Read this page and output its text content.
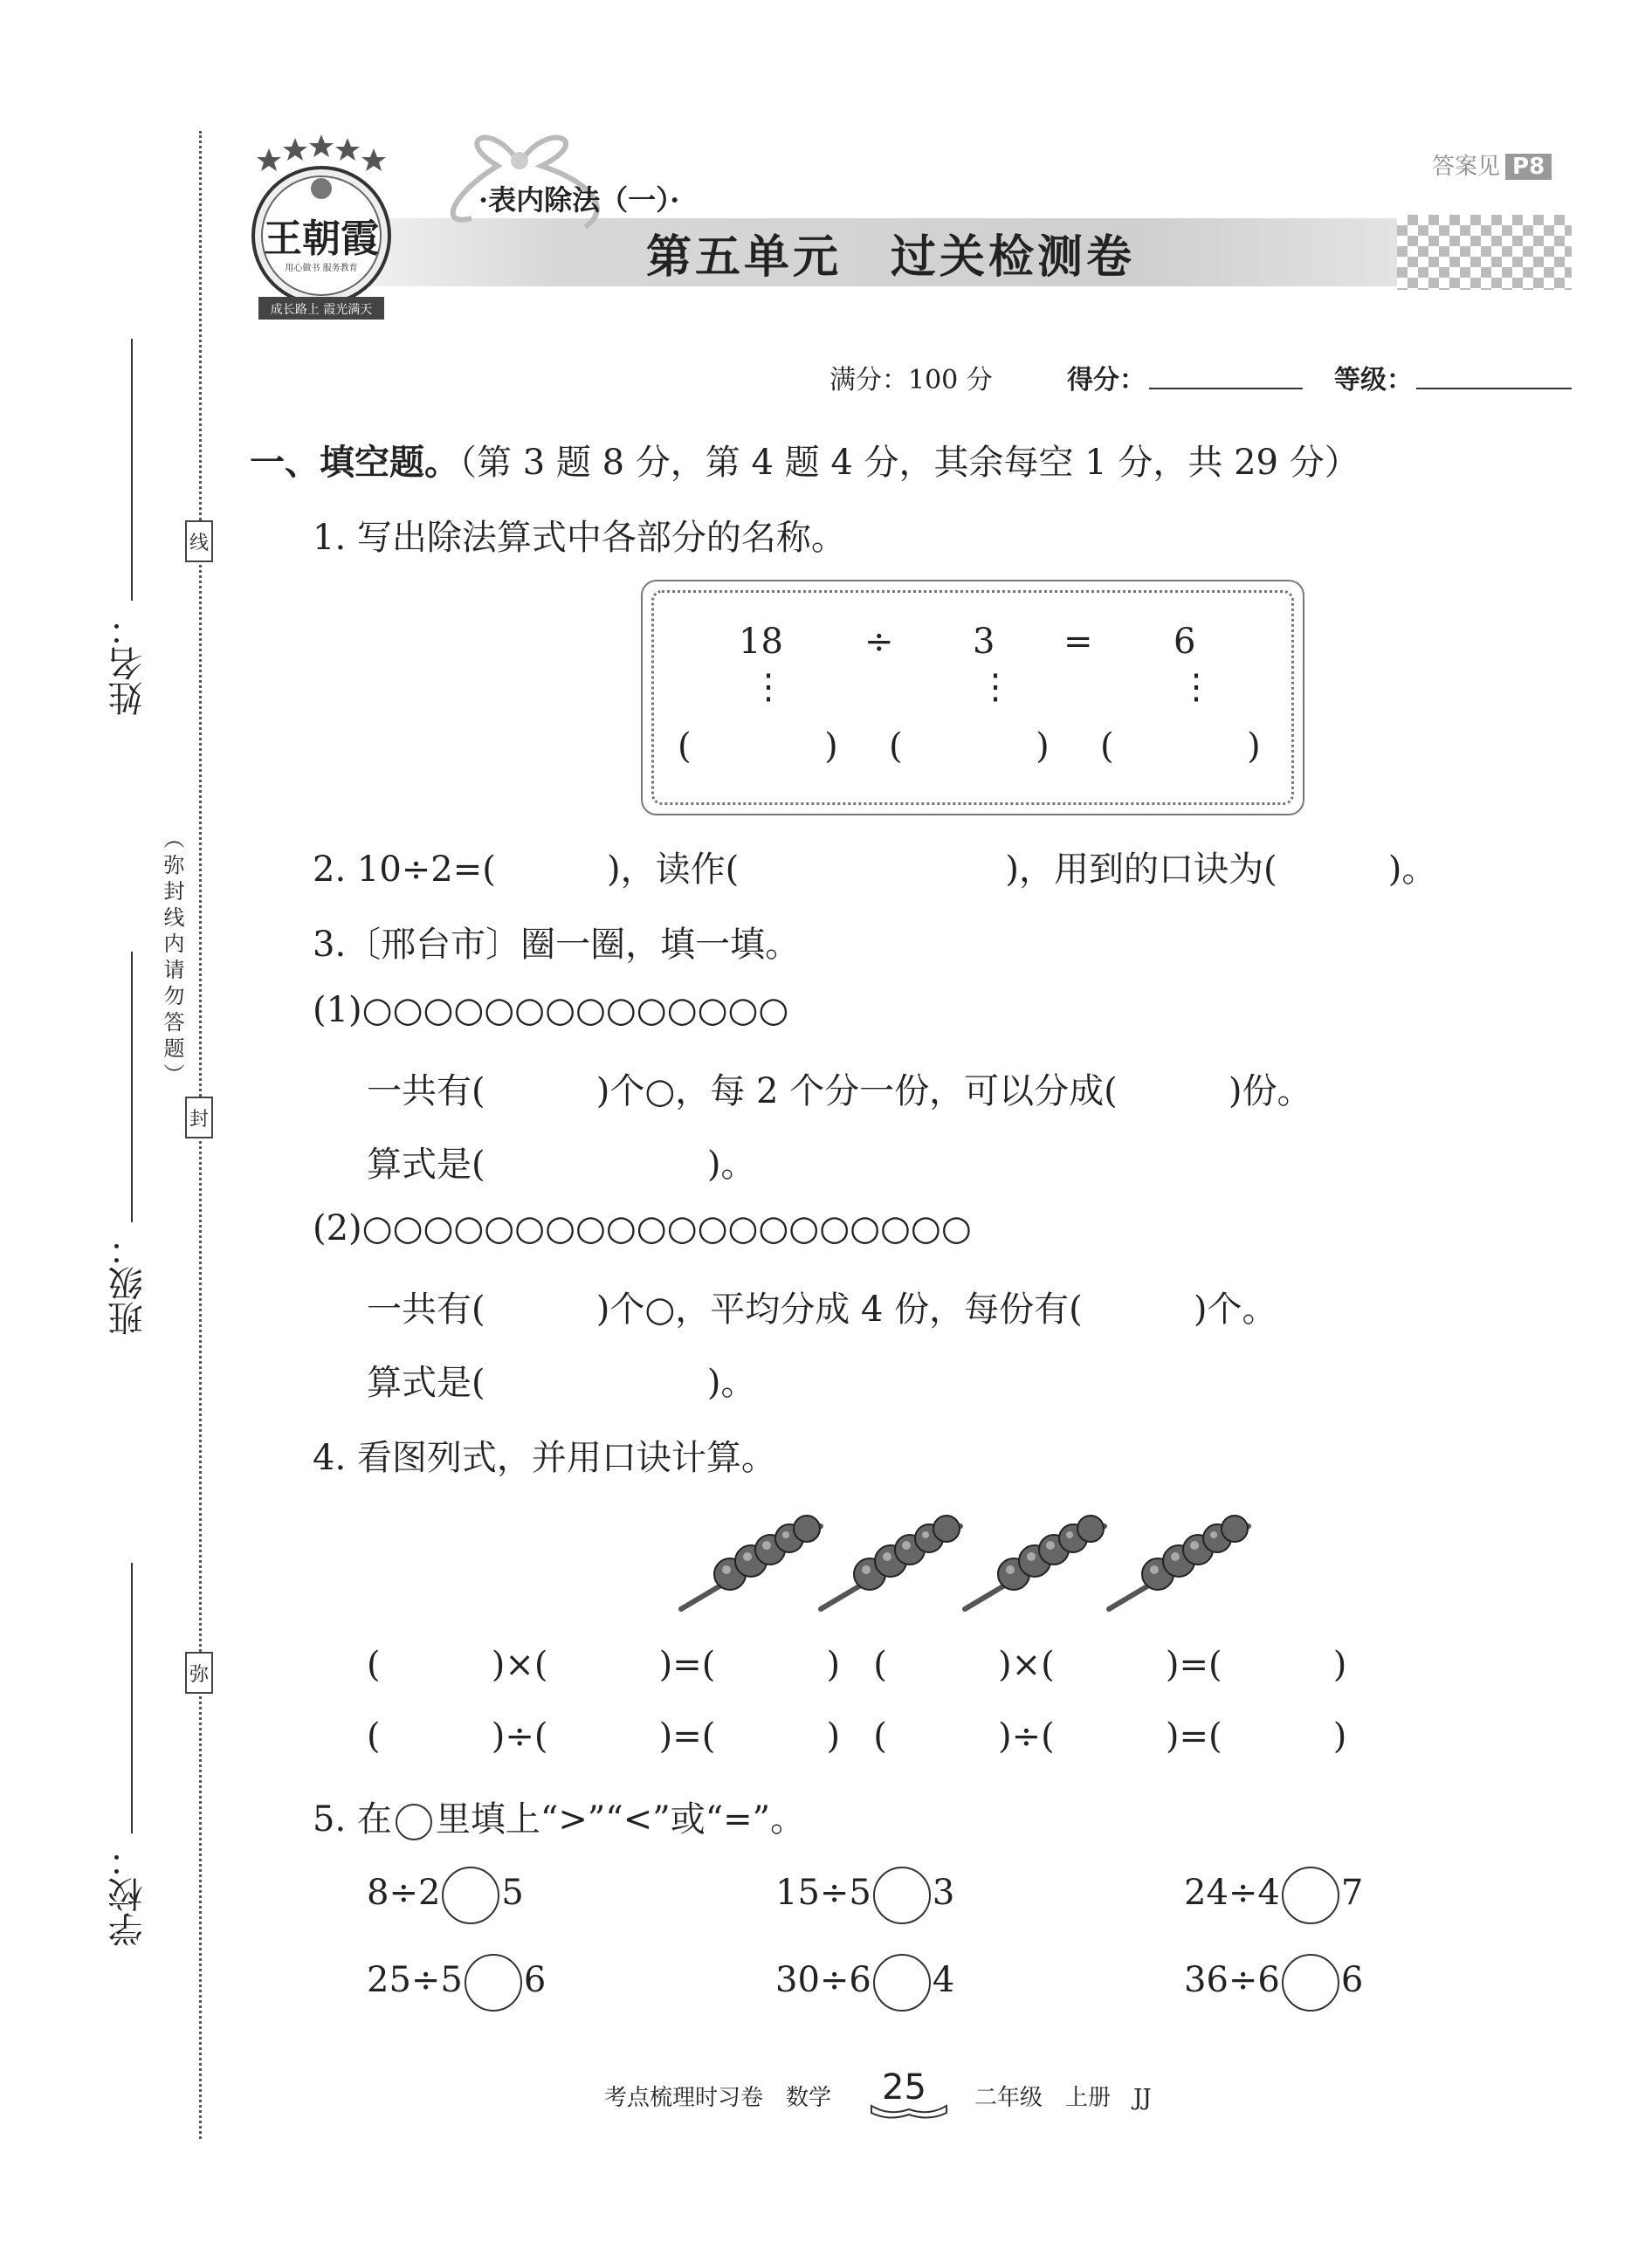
线
封
弥
（弥封线内请勿答题）
姓名：
班级：
学校：
王朝霞
用心做书 服务教育
成长路上 霞光满天
答案见 P8
·表内除法（一）·
第五单元　过关检测卷
满分：100 分	得分：	等级：
一、填空题。（第 3 题 8 分，第 4 题 4 分，其余每空 1 分，共 29 分）
1. 写出除法算式中各部分的名称。
18 ÷ 3 = 6
⋮	⋮	⋮
(            ) (            ) (            )
2. 10÷2=(          )，读作(                        )，用到的口诀为(          )。
3.〔邢台市〕圈一圈，填一填。
(1)○○○○○○○○○○○○○○
一共有(          )个○，每 2 个分一份，可以分成(          )份。
算式是(                    )。
(2)○○○○○○○○○○○○○○○○○○○○
一共有(          )个○，平均分成 4 份，每份有(          )个。
算式是(                    )。
4. 看图列式，并用口诀计算。
(          )×(          )=(          )   (          )×(          )=(          )
(          )÷(          )=(          )   (          )÷(          )=(          )
5. 在 里填上“>”“<”或“=”。
8÷2 5	15÷5 3	24÷4 7
25÷5 6	30÷6 4	36÷6 6
考点梳理时习卷　数学 25 二年级　上册　JJ
